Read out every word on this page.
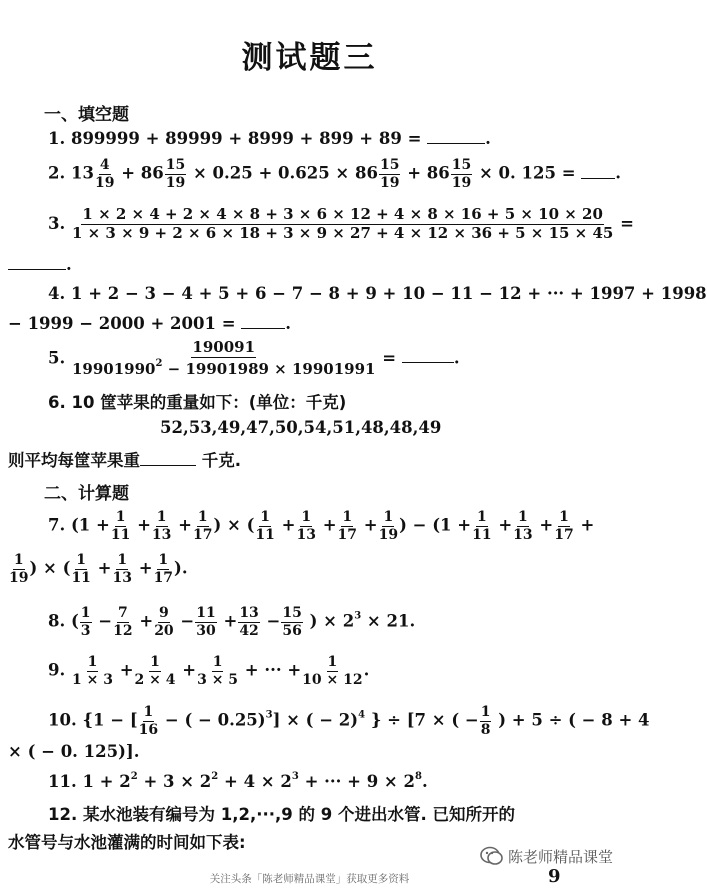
测试题三
一、填空题
1. 899999 + 89999 + 8999 + 899 + 89 =	.
2. $13 \frac{4}{19} + 86 \frac{15}{19} \times 0.25 + 0.625 \times 86 \frac{15}{19} + 86 \frac{15}{19} \times 0$. 125 = .
3. 1 × 2 × 4 + 2 × 4 × 8 + 3 × 6 × 12 + 4 × 8 × 16 + 5 × 10 × 20
1 × 3 × 9 + 2 × 6 × 18 + 3 × 9 × 27 + 4 × 12 × 36 + 5 × 15 × 45 =
.
4. 1 + 2 − 3 − 4 + 5 + 6 − 7 − 8 + 9 + 10 − 11 − 12 + ··· + 1997 + 1998
− 1999 − 2000 + 2001 =	.
5. $\frac{190091}{19901990^2 - 19901989 \times 19901991}$ =	.
6. 10 筐苹果的重量如下：(单位：千克)
52,53,49,47,50,54,51,48,48,49
则平均每筐苹果重	千克.
二、计算题
7. ($1 + \frac{1}{11} + \frac{1}{13} + \frac{1}{17}$ ) × ( $\frac{1}{11} + \frac{1}{13} + \frac{1}{17} + \frac{1}{19}$ ) − ($1 + \frac{1}{11} + \frac{1}{13} + \frac{1}{17}$ +
$\frac{1}{19}$ ) × ( $\frac{1}{11} + \frac{1}{13} + \frac{1}{17}$ ).
8. ( $\frac{1}{3} - \frac{7}{12} + \frac{9}{20} - \frac{11}{30} + \frac{13}{42} - \frac{15}{56}$ ) × $2^3 \times 21$.
9. $\frac{1}{1 \times 3} + \frac{1}{2 \times 4} + \frac{1}{3 \times 5}$ + ··· + $\frac{1}{10 \times 12}$ .
10. {1 − [ $\frac{1}{16}$ − ( − 0.25)$^3$] × ( − 2)$^4$ } ÷ [7 × ( − $\frac{1}{8}$ ) + 5 ÷ ( − 8 + 4
× ( − 0. 125)].
11. $1 + 2^2 + 3 \times 2^2 + 4 \times 2^3$ + ··· + $9 \times 2^8$.
12. 某水池装有编号为 1,2,···,9 的 9 个进出水管. 已知所开的
水管号与水池灌满的时间如下表:
陈老师精品课堂
9
关注头条「陈老师精品课堂」获取更多资料
